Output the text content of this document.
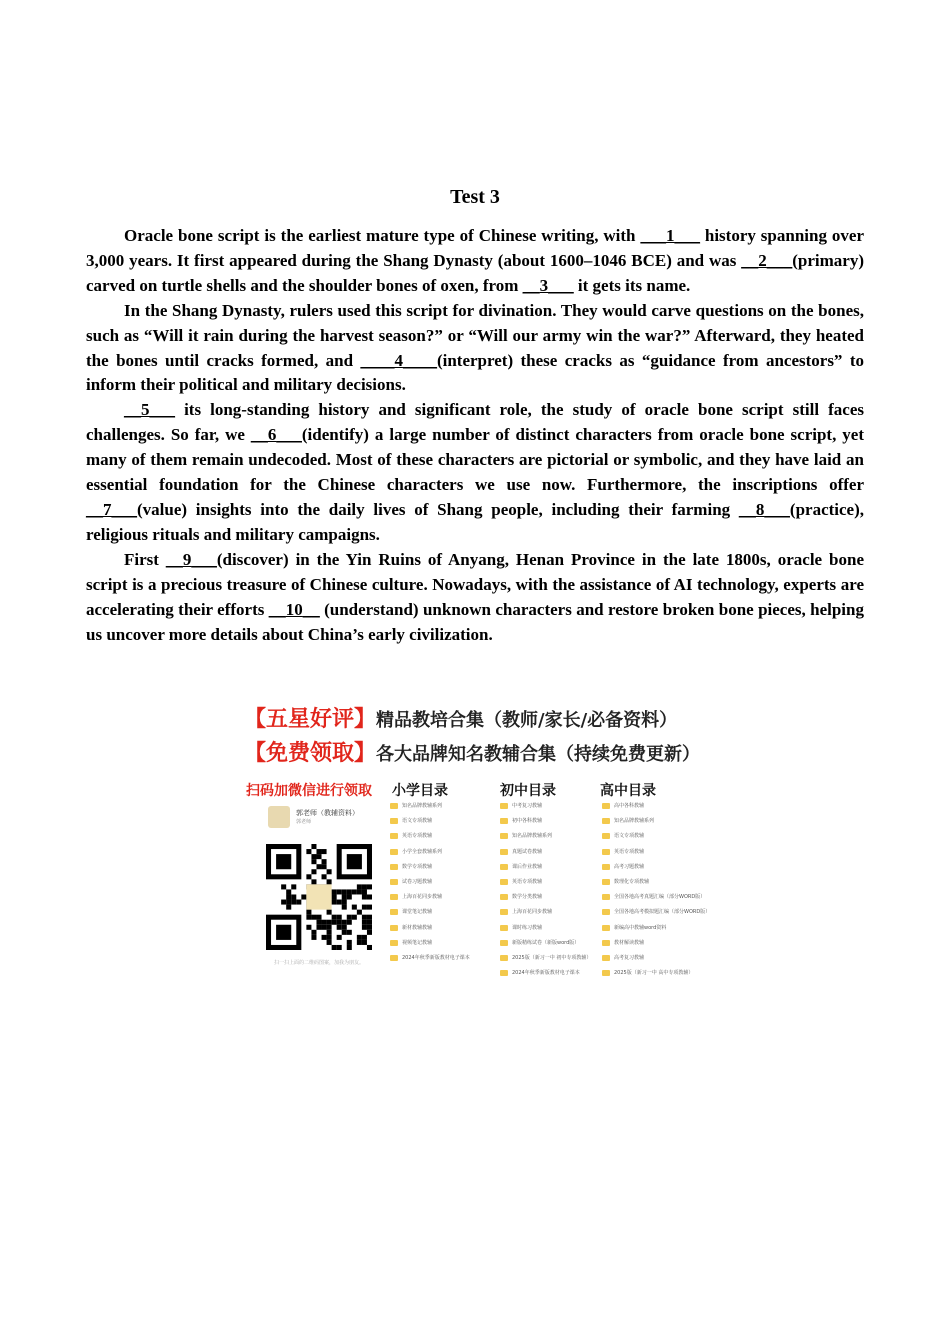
Test 3

Oracle bone script is the earliest mature type of Chinese writing, with ___1___ history spanning over 3,000 years. It first appeared during the Shang Dynasty (about 1600–1046 BCE) and was __2___(primary) carved on turtle shells and the shoulder bones of oxen, from __3___ it gets its name.

In the Shang Dynasty, rulers used this script for divination. They would carve questions on the bones, such as “Will it rain during the harvest season?” or “Will our army win the war?” Afterward, they heated the bones until cracks formed, and ____4____(interpret) these cracks as “guidance from ancestors” to inform their political and military decisions.

__5___ its long-standing history and significant role, the study of oracle bone script still faces challenges. So far, we __6___(identify) a large number of distinct characters from oracle bone script, yet many of them remain undecoded. Most of these characters are pictorial or symbolic, and they have laid an essential foundation for the Chinese characters we use now. Furthermore, the inscriptions offer __7___(value) insights into the daily lives of Shang people, including their farming __8___(practice), religious rituals and military campaigns.

First __9___(discover) in the Yin Ruins of Anyang, Henan Province in the late 1800s, oracle bone script is a precious treasure of Chinese culture. Nowadays, with the assistance of AI technology, experts are accelerating their efforts __10__ (understand) unknown characters and restore broken bone pieces, helping us uncover more details about China’s early civilization.

【五星好评】精品教培合集（教师/家长/必备资料）
【免费领取】各大品牌知名教辅合集（持续免费更新）
扫码加微信进行领取 小学目录	初中目录	高中目录
郭老师（教辅资料）
郭老师
扫一扫上面的二维码图案，加我为朋友。
知名品牌教辅系列
语文专项教辅
英语专项教辅
小学全套教辅系列
数学专项教辅
试卷习题教辅
上海百花同步教辅
课堂笔记教辅
新材教辅教辅
视频笔记教辅
2024年秋季新版教材电子课本
中考复习教辅
初中各科教辅
知名品牌教辅系列
真题试卷教辅
课后作业教辅
英语专项教辅
数学分类教辅
上海百花同步教辅
课时练习教辅
新版精练试卷（新版word版）
2025版（新习一中 初中专项教辅）
2024年秋季新版教材电子课本
高中各科教辅
知名品牌教辅系列
语文专项教辅
英语专项教辅
高考习题教辅
数理化专项教辅
全国各地高考真题汇编（部分WORD版）
全国各地高考模拟题汇编（部分WORD版）
新编高中教辅word资料
教材解读教辅
高考复习教辅
2025版（新习一中 高中专项教辅）
